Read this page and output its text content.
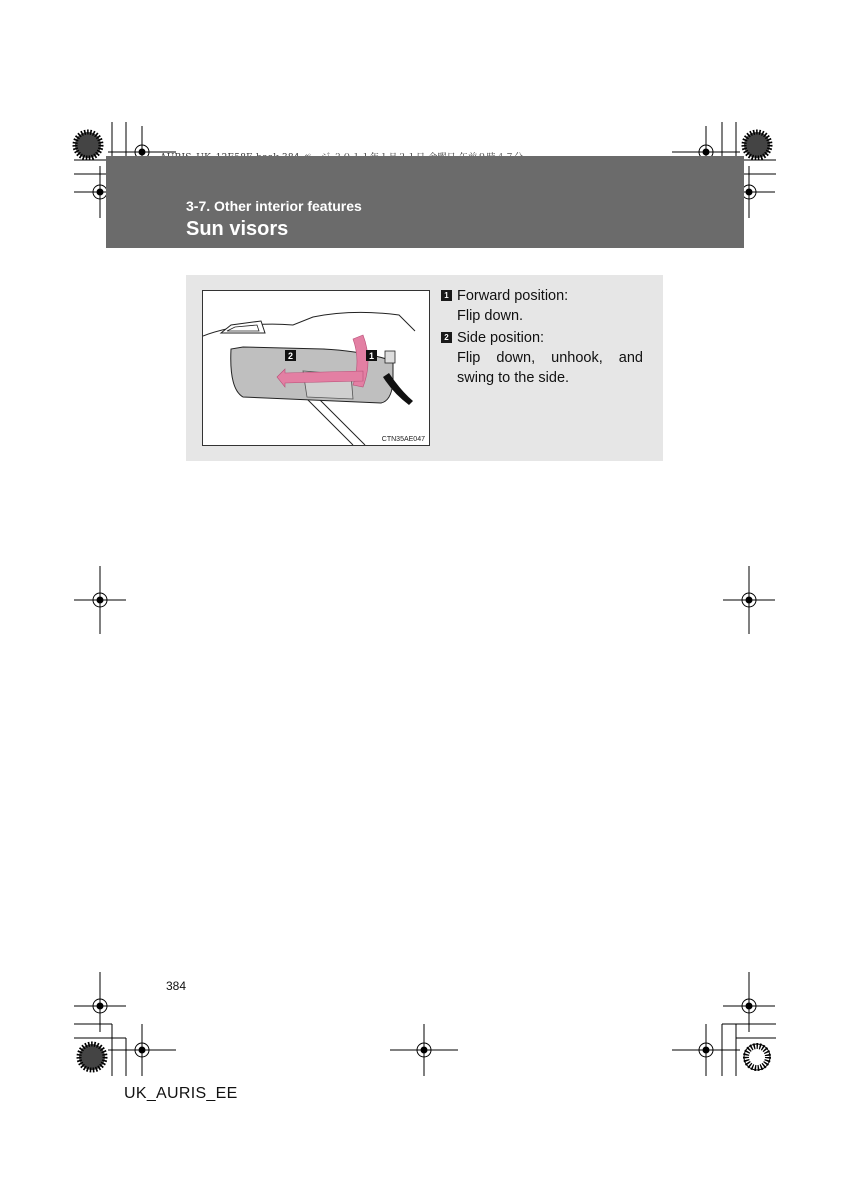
3-7. Other interior features
Sun visors
2	1
CTN35AE047
1 Forward position:
Flip down.
2 Side position:
Flip down, unhook, and swing to the side.
384
UK_AURIS_EE
